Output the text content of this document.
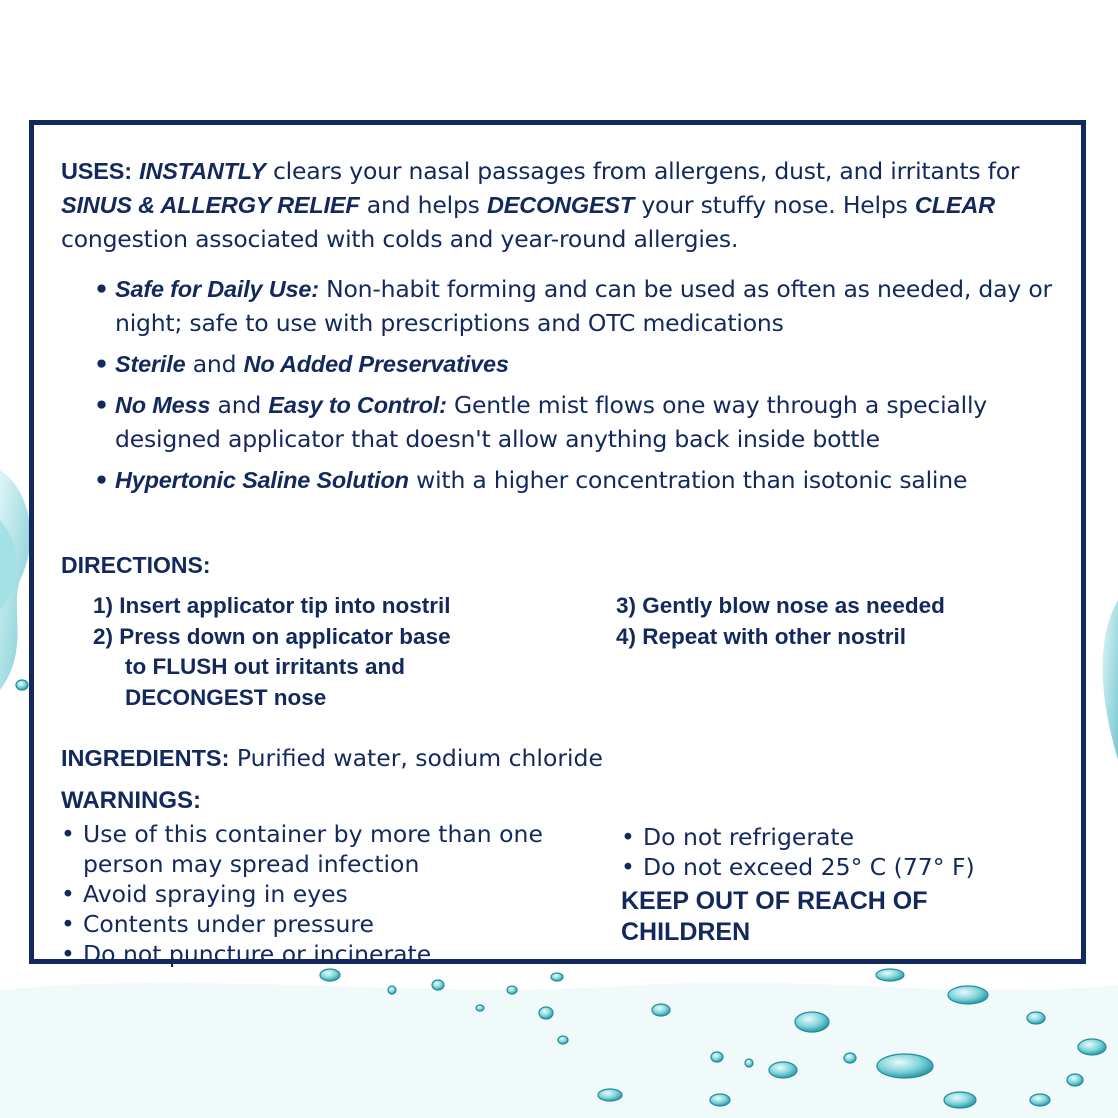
USES: INSTANTLY clears your nasal passages from allergens, dust, and irritants for SINUS & ALLERGY RELIEF and helps DECONGEST your stuffy nose. Helps CLEAR congestion associated with colds and year-round allergies.

• Safe for Daily Use: Non-habit forming and can be used as often as needed, day or night; safe to use with prescriptions and OTC medications
• Sterile and No Added Preservatives
• No Mess and Easy to Control: Gentle mist flows one way through a specially designed applicator that doesn't allow anything back inside bottle
• Hypertonic Saline Solution with a higher concentration than isotonic saline

DIRECTIONS:

1) Insert applicator tip into nostril
2) Press down on applicator base
to FLUSH out irritants and
DECONGEST nose
3) Gently blow nose as needed
4) Repeat with other nostril

INGREDIENTS: Purified water, sodium chloride

WARNINGS:

• Use of this container by more than one person may spread infection
• Avoid spraying in eyes
• Contents under pressure
• Do not puncture or incinerate
• Do not refrigerate
• Do not exceed 25° C (77° F)

KEEP OUT OF REACH OF CHILDREN
